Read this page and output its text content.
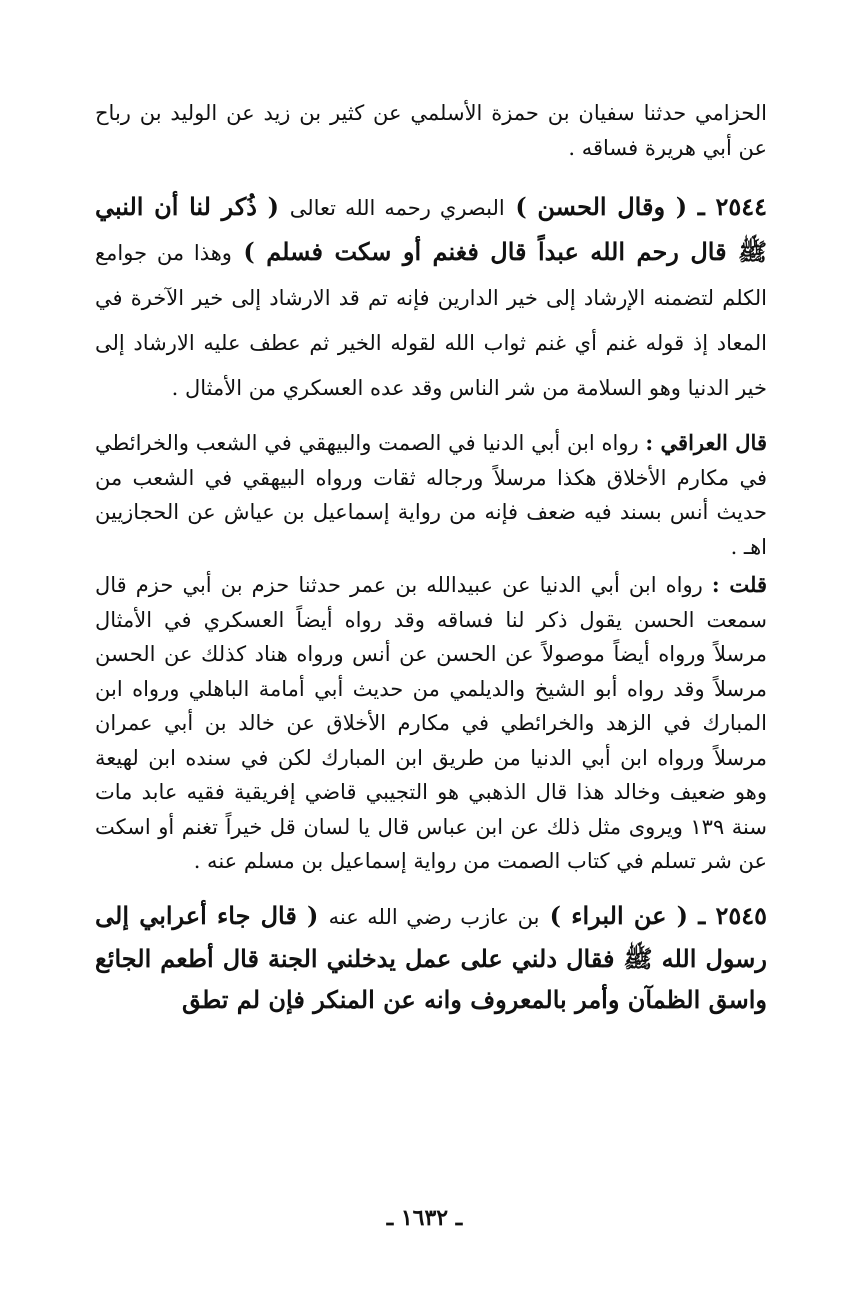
الحزامي حدثنا سفيان بن حمزة الأسلمي عن كثير بن زيد عن الوليد بن رباح عن أبي هريرة فساقه .

٢٥٤٤ ـ ( وقال الحسن ) البصري رحمه الله تعالى ( ذُكر لنا أن النبي ﷺ قال رحم الله عبداً قال فغنم أو سكت فسلم ) وهذا من جوامع الكلم لتضمنه الإرشاد إلى خير الدارين فإنه تم قد الارشاد إلى خير الآخرة في المعاد إذ قوله غنم أي غنم ثواب الله لقوله الخير ثم عطف عليه الارشاد إلى خير الدنيا وهو السلامة من شر الناس وقد عده العسكري من الأمثال .

قال العراقي : رواه ابن أبي الدنيا في الصمت والبيهقي في الشعب والخرائطي في مكارم الأخلاق هكذا مرسلاً ورجاله ثقات ورواه البيهقي في الشعب من حديث أنس بسند فيه ضعف فإنه من رواية إسماعيل بن عياش عن الحجازيين اهـ .

قلت : رواه ابن أبي الدنيا عن عبيدالله بن عمر حدثنا حزم بن أبي حزم قال سمعت الحسن يقول ذكر لنا فساقه وقد رواه أيضاً العسكري في الأمثال مرسلاً ورواه أيضاً موصولاً عن الحسن عن أنس ورواه هناد كذلك عن الحسن مرسلاً وقد رواه أبو الشيخ والديلمي من حديث أبي أمامة الباهلي ورواه ابن المبارك في الزهد والخرائطي في مكارم الأخلاق عن خالد بن أبي عمران مرسلاً ورواه ابن أبي الدنيا من طريق ابن المبارك لكن في سنده ابن لهيعة وهو ضعيف وخالد هذا قال الذهبي هو التجيبي قاضي إفريقية فقيه عابد مات سنة ١٣٩ ويروى مثل ذلك عن ابن عباس قال يا لسان قل خيراً تغنم أو اسكت عن شر تسلم في كتاب الصمت من رواية إسماعيل بن مسلم عنه .

٢٥٤٥ ـ ( عن البراء ) بن عازب رضي الله عنه ( قال جاء أعرابي إلى رسول الله ﷺ فقال دلني على عمل يدخلني الجنة قال أطعم الجائع واسق الظمآن وأمر بالمعروف وانه عن المنكر فإن لم تطق

ـ ١٦٣٢ ـ
